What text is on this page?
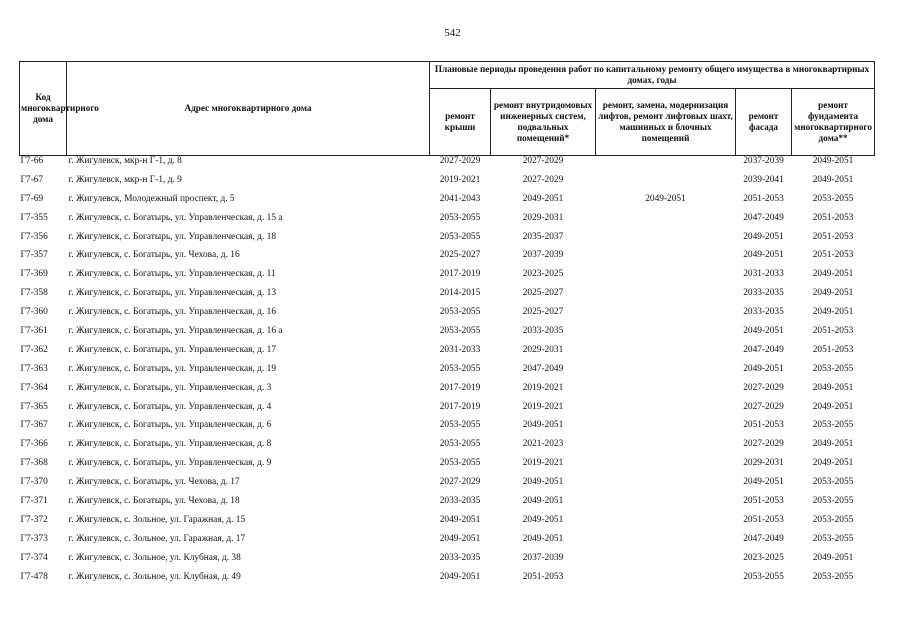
542
Код многоквартирного дома	Адрес многоквартирного дома	Плановые периоды проведения работ по капитальному ремонту общего имущества в многоквартирных домах, годы				
		ремонт крыши	ремонт внутридомовых инженерных систем, подвальных помещений*	ремонт, замена, модернизация лифтов, ремонт лифтовых шахт, машинных и блочных помещений	ремонт фасада	ремонт фундамента многоквартирного дома**
Г7-66	г. Жигулевск, мкр-н Г-1, д. 8	2027-2029	2027-2029		2037-2039	2049-2051
Г7-67	г. Жигулевск, мкр-н Г-1, д. 9	2019-2021	2027-2029		2039-2041	2049-2051
Г7-69	г. Жигулевск, Молодежный проспект, д. 5	2041-2043	2049-2051	2049-2051	2051-2053	2053-2055
Г7-355	г. Жигулевск, с. Богатырь, ул. Управленческая, д. 15 а	2053-2055	2029-2031		2047-2049	2051-2053
Г7-356	г. Жигулевск, с. Богатырь, ул. Управленческая, д. 18	2053-2055	2035-2037		2049-2051	2051-2053
Г7-357	г. Жигулевск, с. Богатырь, ул. Чехова, д. 16	2025-2027	2037-2039		2049-2051	2051-2053
Г7-369	г. Жигулевск, с. Богатырь, ул. Управленческая, д. 11	2017-2019	2023-2025		2031-2033	2049-2051
Г7-358	г. Жигулевск, с. Богатырь, ул. Управленческая, д. 13	2014-2015	2025-2027		2033-2035	2049-2051
Г7-360	г. Жигулевск, с. Богатырь, ул. Управленческая, д. 16	2053-2055	2025-2027		2033-2035	2049-2051
Г7-361	г. Жигулевск, с. Богатырь, ул. Управленческая, д. 16 а	2053-2055	2033-2035		2049-2051	2051-2053
Г7-362	г. Жигулевск, с. Богатырь, ул. Управленческая, д. 17	2031-2033	2029-2031		2047-2049	2051-2053
Г7-363	г. Жигулевск, с. Богатырь, ул. Управленческая, д. 19	2053-2055	2047-2049		2049-2051	2053-2055
Г7-364	г. Жигулевск, с. Богатырь, ул. Управленческая, д. 3	2017-2019	2019-2021		2027-2029	2049-2051
Г7-365	г. Жигулевск, с. Богатырь, ул. Управленческая, д. 4	2017-2019	2019-2021		2027-2029	2049-2051
Г7-367	г. Жигулевск, с. Богатырь, ул. Управленческая, д. 6	2053-2055	2049-2051		2051-2053	2053-2055
Г7-366	г. Жигулевск, с. Богатырь, ул. Управленческая, д. 8	2053-2055	2021-2023		2027-2029	2049-2051
Г7-368	г. Жигулевск, с. Богатырь, ул. Управленческая, д. 9	2053-2055	2019-2021		2029-2031	2049-2051
Г7-370	г. Жигулевск, с. Богатырь, ул. Чехова, д. 17	2027-2029	2049-2051		2049-2051	2053-2055
Г7-371	г. Жигулевск, с. Богатырь, ул. Чехова, д. 18	2033-2035	2049-2051		2051-2053	2053-2055
Г7-372	г. Жигулевск, с. Зольное, ул. Гаражная, д. 15	2049-2051	2049-2051		2051-2053	2053-2055
Г7-373	г. Жигулевск, с. Зольное, ул. Гаражная, д. 17	2049-2051	2049-2051		2047-2049	2053-2055
Г7-374	г. Жигулевск, с. Зольное, ул. Клубная, д. 38	2033-2035	2037-2039		2023-2025	2049-2051
Г7-478	г. Жигулевск, с. Зольное, ул. Клубная, д. 49	2049-2051	2051-2053		2053-2055	2053-2055
